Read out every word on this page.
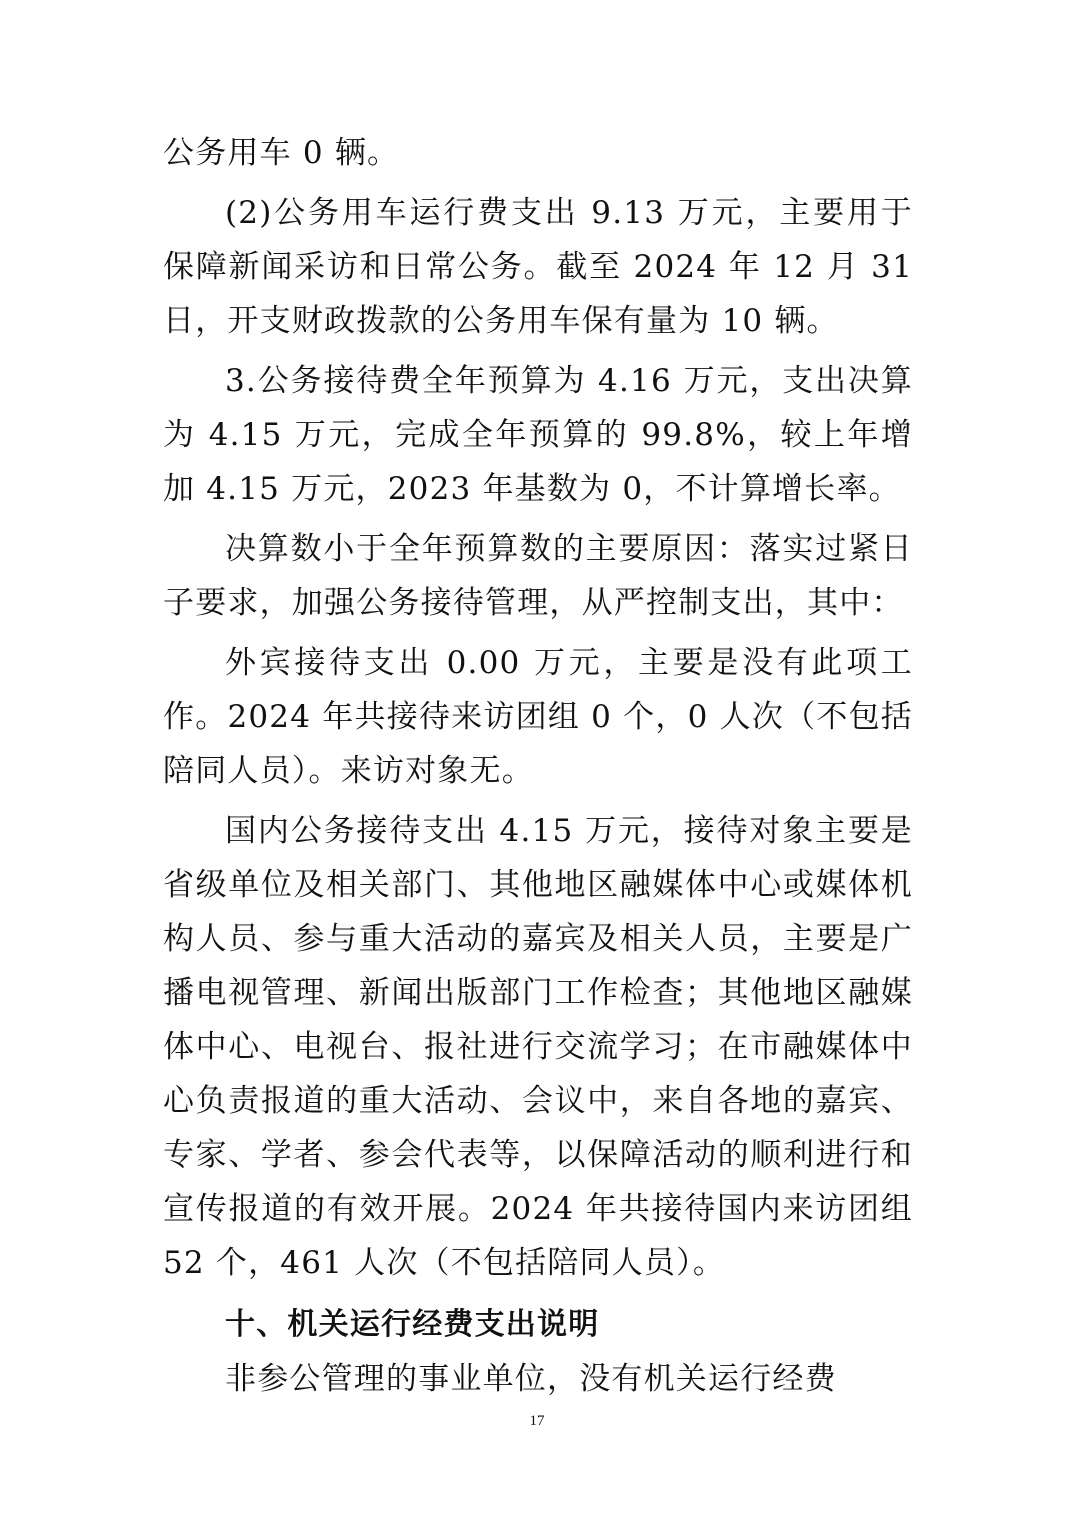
公务用车 0 辆。

(2)公务用车运行费支出 9.13 万元，主要用于保障新闻采访和日常公务。截至 2024 年 12 月 31 日，开支财政拨款的公务用车保有量为 10 辆。

3.公务接待费全年预算为 4.16 万元，支出决算为 4.15 万元，完成全年预算的 99.8%，较上年增加 4.15 万元，2023 年基数为 0，不计算增长率。

决算数小于全年预算数的主要原因：落实过紧日子要求，加强公务接待管理，从严控制支出，其中：

外宾接待支出 0.00 万元，主要是没有此项工作。2024 年共接待来访团组 0 个，0 人次（不包括陪同人员）。来访对象无。

国内公务接待支出 4.15 万元，接待对象主要是省级单位及相关部门、其他地区融媒体中心或媒体机构人员、参与重大活动的嘉宾及相关人员，主要是广播电视管理、新闻出版部门工作检查；其他地区融媒体中心、电视台、报社进行交流学习；在市融媒体中心负责报道的重大活动、会议中，来自各地的嘉宾、专家、学者、参会代表等，以保障活动的顺利进行和宣传报道的有效开展。2024 年共接待国内来访团组 52 个，461 人次（不包括陪同人员）。

十、机关运行经费支出说明

非参公管理的事业单位，没有机关运行经费

17
